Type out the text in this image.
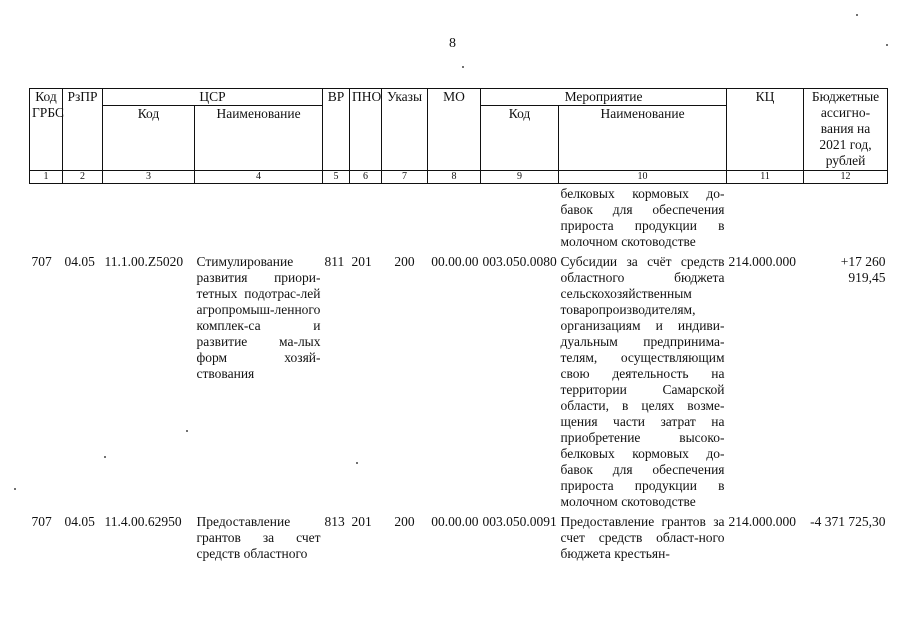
8
Код ГРБС	РзПР	ЦСР		ВР	ПНО	Указы	МО	Мероприятие		КЦ	Бюджетные ассигно-вания на 2021 год, рублей
		Код	Наименование					Код	Наименование		
1	2	3	4	5	6	7	8	9	10	11	12
									белковых кормовых до-бавок для обеспечения прироста продукции в молочном скотоводстве		
707	04.05	11.1.00.Z5020	Стимулирование развития приори-тетных подотрас-лей агропромыш-ленного комплек-са и развитие ма-лых форм хозяй-ствования	811	201	200	00.00.00	003.050.0080	Субсидии за счёт средств областного бюджета сельскохозяйственным товаропроизводителям, организациям и индиви-дуальным предпринима-телям, осуществляющим свою деятельность на территории Самарской области, в целях возме-щения части затрат на приобретение высоко-белковых кормовых до-бавок для обеспечения прироста продукции в молочном скотоводстве	214.000.000	+17 260 919,45
707	04.05	11.4.00.62950	Предоставление грантов за счет средств областного	813	201	200	00.00.00	003.050.0091	Предоставление грантов за счет средств област-ного бюджета крестьян-	214.000.000	-4 371 725,30
